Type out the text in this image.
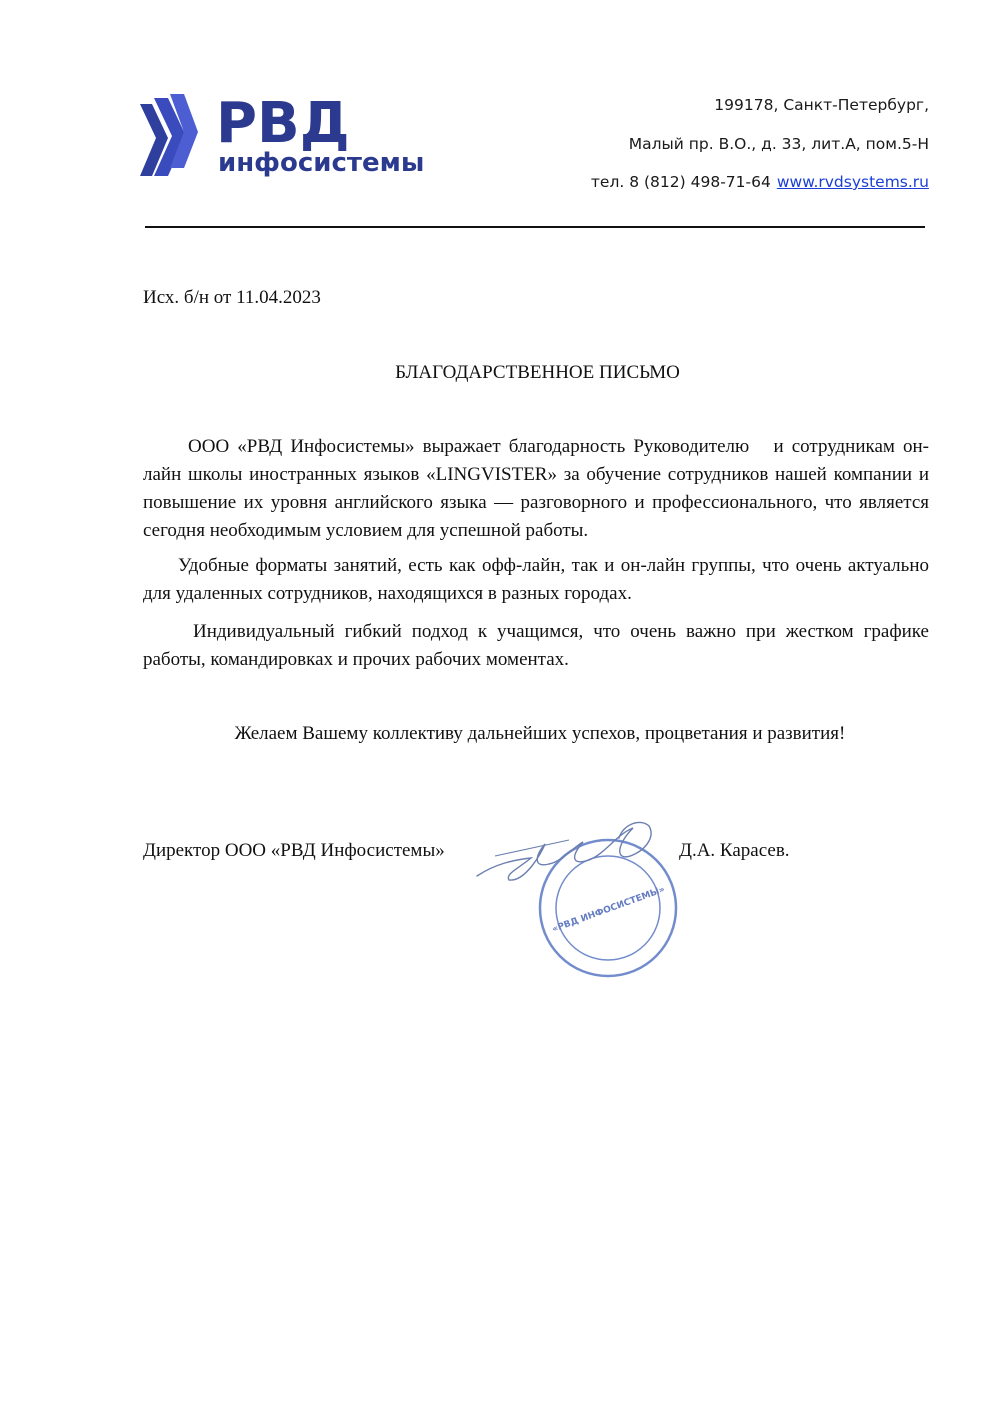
РВД
инфосистемы
199178, Санкт-Петербург,
Малый пр. В.О., д. 33, лит.А, пом.5-Н
тел. 8 (812) 498-71-64 www.rvdsystems.ru
Исх. б/н от 11.04.2023
БЛАГОДАРСТВЕННОЕ ПИСЬМО
ООО «РВД Инфосистемы» выражает благодарность Руководителю   и сотрудникам он-лайн школы иностранных языков «LINGVISTER» за обучение сотрудников нашей компании и повышение их уровня английского языка — разговорного и профессионального, что является сегодня необходимым условием для успешной работы.
Удобные форматы занятий, есть как офф-лайн, так и он-лайн группы, что очень актуально для удаленных сотрудников, находящихся в разных городах.
Индивидуальный гибкий подход к учащимся, что очень важно при жестком графике работы, командировках и прочих рабочих моментах.
Желаем Вашему коллективу дальнейших успехов, процветания и развития!
Директор ООО «РВД Инфосистемы»
«РВД ИНФОСИСТЕМЫ»
Д.А. Карасев.
